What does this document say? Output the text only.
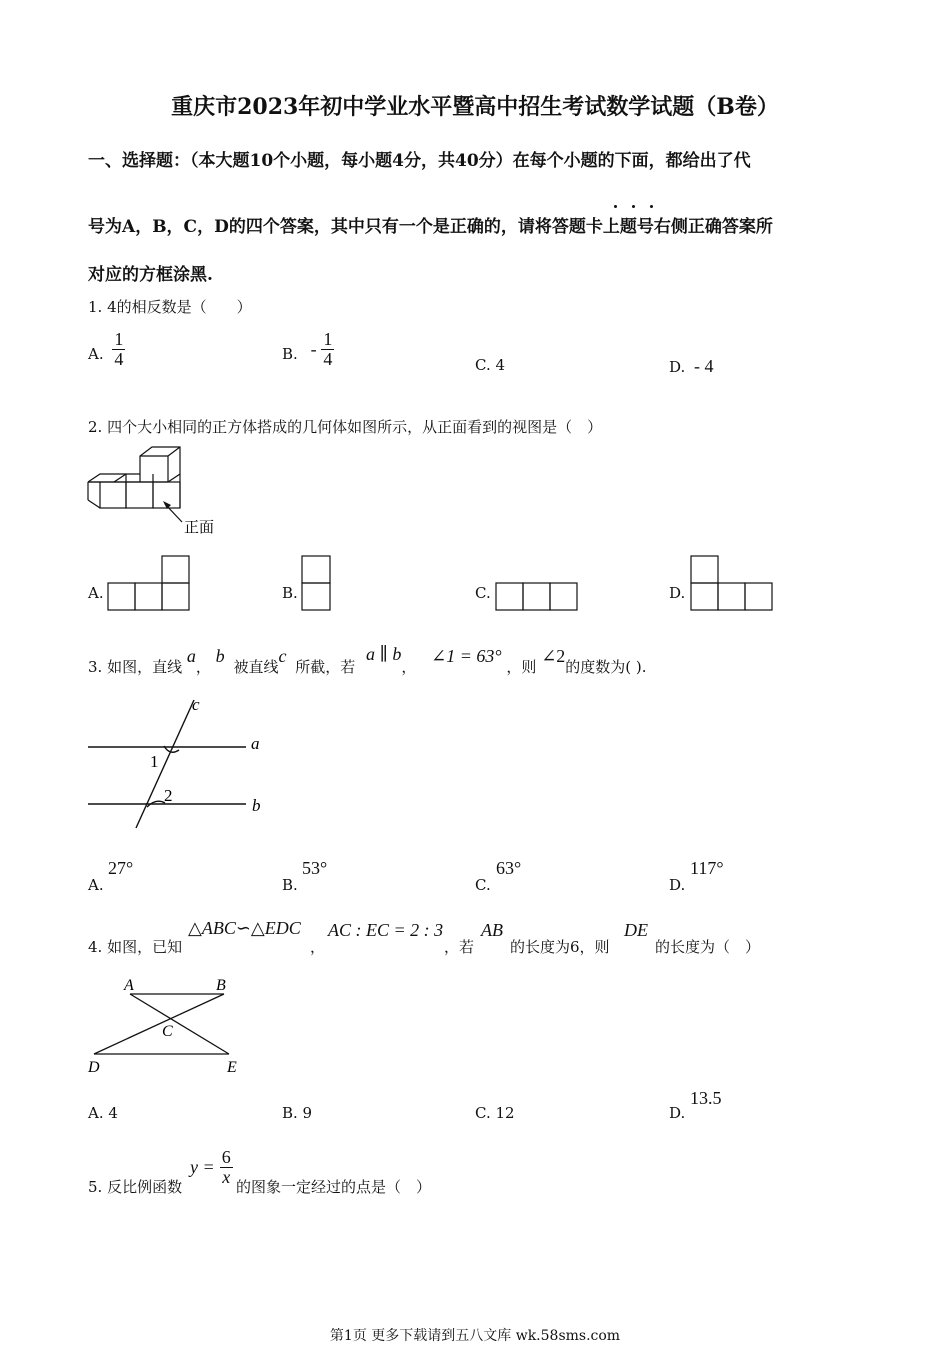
重庆市2023年初中学业水平暨高中招生考试数学试题（B卷）
一、选择题：（本大题10个小题，每小题4分，共40分）在每个小题的下面，都给出了代
号为A，B，C，D的四个答案，其中只有一个是正确的，请将答题卡上题号右侧正确答案所
对应的方框涂黑.
1. 4的相反数是（　　）
A. $\frac{1}{4}$	B. - $\frac{1}{4}$	C. 4	D. - 4
2. 四个大小相同的正方体搭成的几何体如图所示，从正面看到的视图是（　）
正面
A.	B.	C.	D.
3. 如图，直线 a， b 被直线c 所截，若 a ∥ b， ∠1 = 63° ，则 ∠2的度数为( ).
c
a
b
1
2
A.
27°
B.
53°
C.
63°
D.
117°
4. 如图，已知
△ABC∽△EDC
，
AC : EC = 2 : 3
，若
AB
的长度为6，则
DE
的长度为（　）
A	B
C
D	E
A. 4	B. 9	C. 12	D.
13.5
5. 反比例函数
$y = \frac{6}{x}$
的图象一定经过的点是（　）
第1页 更多下载请到五八文库 wk.58sms.com
